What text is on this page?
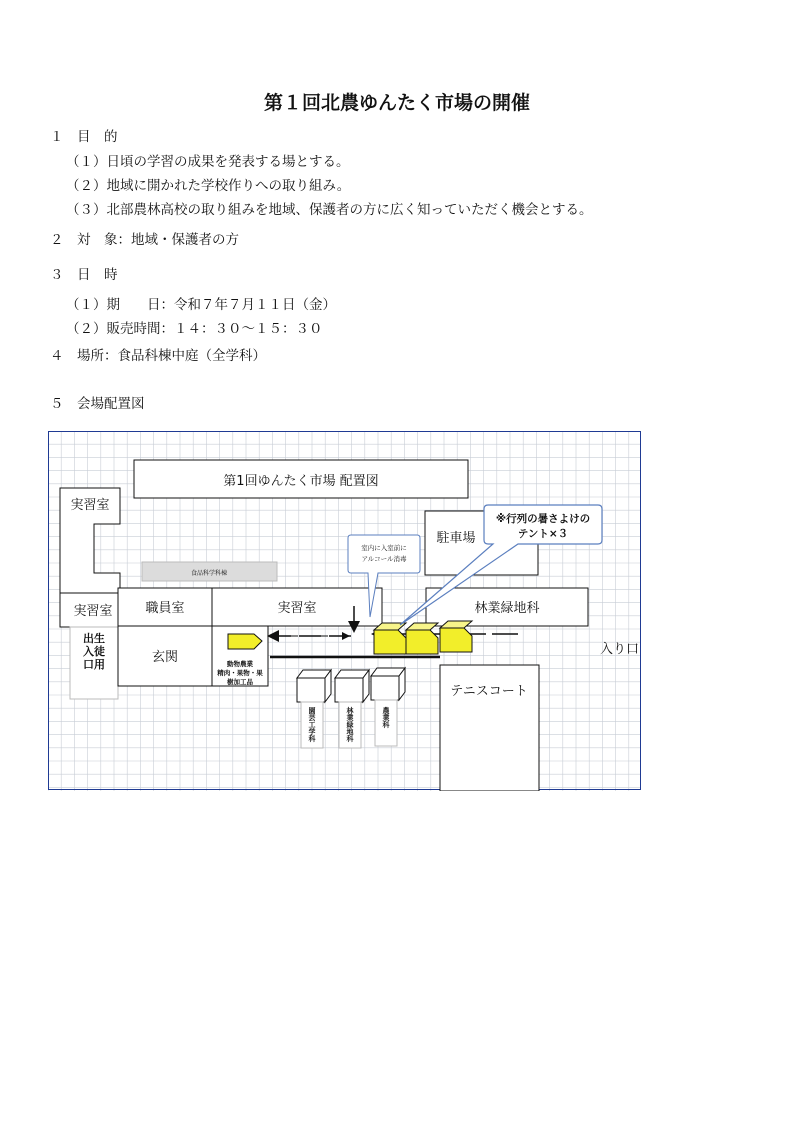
第１回北農ゆんたく市場の開催
１　目　的
（１）日頃の学習の成果を発表する場とする。
（２）地域に開かれた学校作りへの取り組み。
（３）北部農林高校の取り組みを地域、保護者の方に広く知っていただく機会とする。
２　対　象：地域・保護者の方
３　日　時
（１）期　　日：令和７年７月１１日（金）
（２）販売時間：１４：３０〜１５：３０
４　場所：食品科棟中庭（全学科）
５　会場配置図
第1回ゆんたく市場 配置図
実習室
実習室
出生
入徒
口用
食品科学科棟
職員室	実習室
玄関
駐車場
林業緑地科
テニスコート
入り口
動物農業
精肉・果物・果
樹加工品
園芸工学科	林業緑地科	農業科
室内に入室前に
アルコール消毒
※行列の暑さよけの
テント×３
